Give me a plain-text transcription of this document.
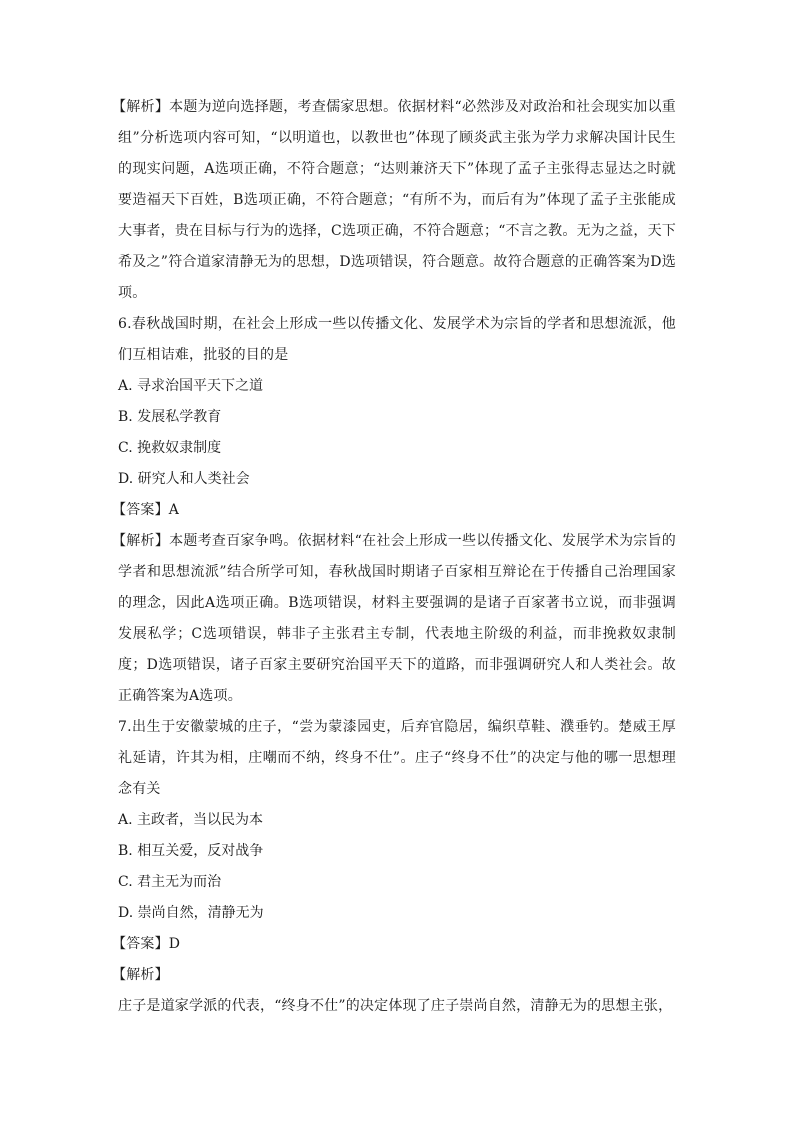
【解析】本题为逆向选择题，考查儒家思想。依据材料“必然涉及对政治和社会现实加以重组”分析选项内容可知，“以明道也，以教世也”体现了顾炎武主张为学力求解决国计民生的现实问题，A选项正确，不符合题意；“达则兼济天下”体现了孟子主张得志显达之时就要造福天下百姓，B选项正确，不符合题意；“有所不为，而后有为”体现了孟子主张能成大事者，贵在目标与行为的选择，C选项正确，不符合题意；“不言之教。无为之益，天下希及之”符合道家清静无为的思想，D选项错误，符合题意。故符合题意的正确答案为D选项。

6.春秋战国时期，在社会上形成一些以传播文化、发展学术为宗旨的学者和思想流派，他们互相诘难，批驳的目的是

A. 寻求治国平天下之道

B. 发展私学教育

C. 挽救奴隶制度

D. 研究人和人类社会

【答案】A

【解析】本题考查百家争鸣。依据材料“在社会上形成一些以传播文化、发展学术为宗旨的学者和思想流派”结合所学可知，春秋战国时期诸子百家相互辩论在于传播自己治理国家的理念，因此A选项正确。B选项错误，材料主要强调的是诸子百家著书立说，而非强调发展私学；C选项错误，韩非子主张君主专制，代表地主阶级的利益，而非挽救奴隶制度；D选项错误，诸子百家主要研究治国平天下的道路，而非强调研究人和人类社会。故正确答案为A选项。

7.出生于安徽蒙城的庄子，“尝为蒙漆园吏，后弃官隐居，编织草鞋、濮垂钓。楚威王厚礼延请，许其为相，庄嘲而不纳，终身不仕”。庄子“终身不仕”的决定与他的哪一思想理念有关

A. 主政者，当以民为本

B. 相互关爱，反对战争

C. 君主无为而治

D. 崇尚自然，清静无为

【答案】D

【解析】

庄子是道家学派的代表，“终身不仕”的决定体现了庄子崇尚自然，清静无为的思想主张，
